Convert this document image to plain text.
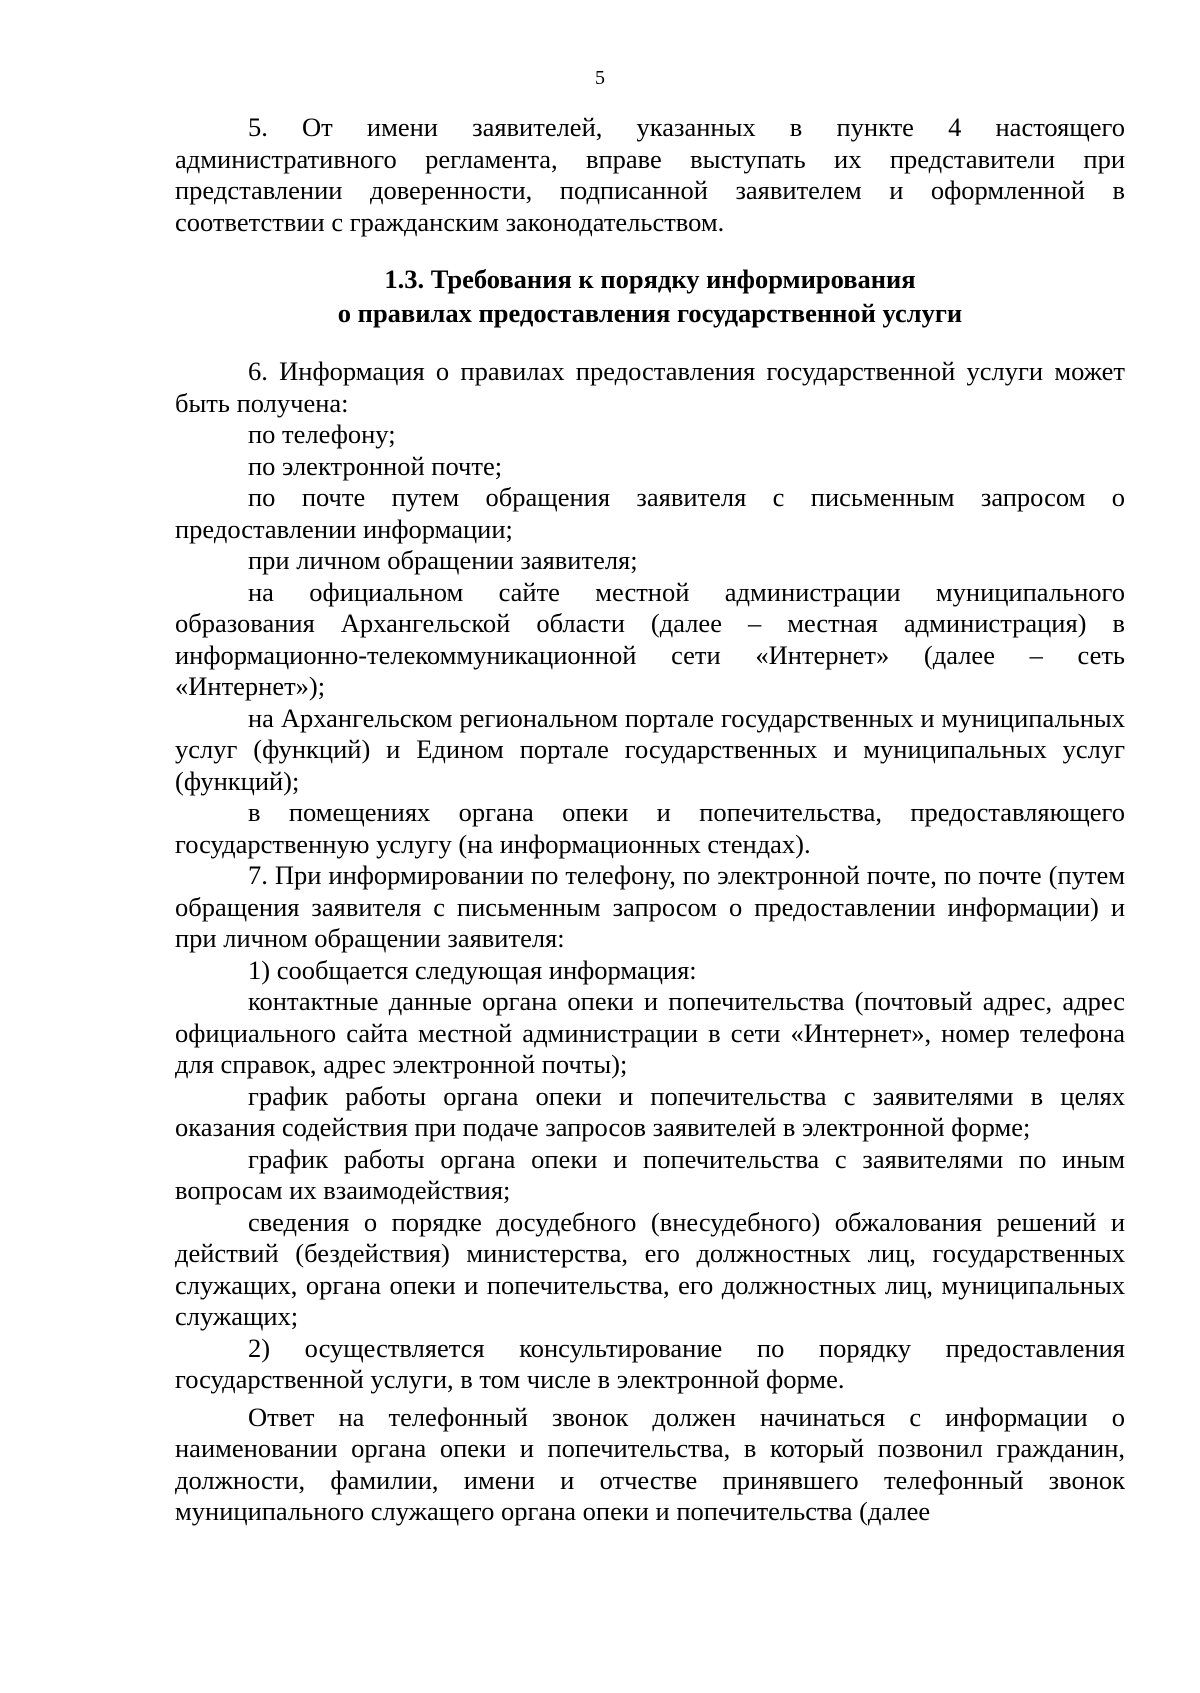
5

5. От имени заявителей, указанных в пункте 4 настоящего административного регламента, вправе выступать их представители при представлении доверенности, подписанной заявителем и оформленной в соответствии с гражданским законодательством.

1.3. Требования к порядку информирования
о правилах предоставления государственной услуги

6. Информация о правилах предоставления государственной услуги может быть получена:

по телефону;

по электронной почте;

по почте путем обращения заявителя с письменным запросом о предоставлении информации;

при личном обращении заявителя;

на официальном сайте местной администрации муниципального образования Архангельской области (далее – местная администрация) в информационно-телекоммуникационной сети «Интернет» (далее – сеть «Интернет»);

на Архангельском региональном портале государственных и муниципальных услуг (функций) и Едином портале государственных и муниципальных услуг (функций);

в помещениях органа опеки и попечительства, предоставляющего государственную услугу (на информационных стендах).

7. При информировании по телефону, по электронной почте, по почте (путем обращения заявителя с письменным запросом о предоставлении информации) и при личном обращении заявителя:

1) сообщается следующая информация:

контактные данные органа опеки и попечительства (почтовый адрес, адрес официального сайта местной администрации в сети «Интернет», номер телефона для справок, адрес электронной почты);

график работы органа опеки и попечительства с заявителями в целях оказания содействия при подаче запросов заявителей в электронной форме;

график работы органа опеки и попечительства с заявителями по иным вопросам их взаимодействия;

сведения о порядке досудебного (внесудебного) обжалования решений и действий (бездействия) министерства, его должностных лиц, государственных служащих, органа опеки и попечительства, его должностных лиц, муниципальных служащих;

2) осуществляется консультирование по порядку предоставления государственной услуги, в том числе в электронной форме.

Ответ на телефонный звонок должен начинаться с информации о наименовании органа опеки и попечительства, в который позвонил гражданин, должности, фамилии, имени и отчестве принявшего телефонный звонок муниципального служащего органа опеки и попечительства (далее
